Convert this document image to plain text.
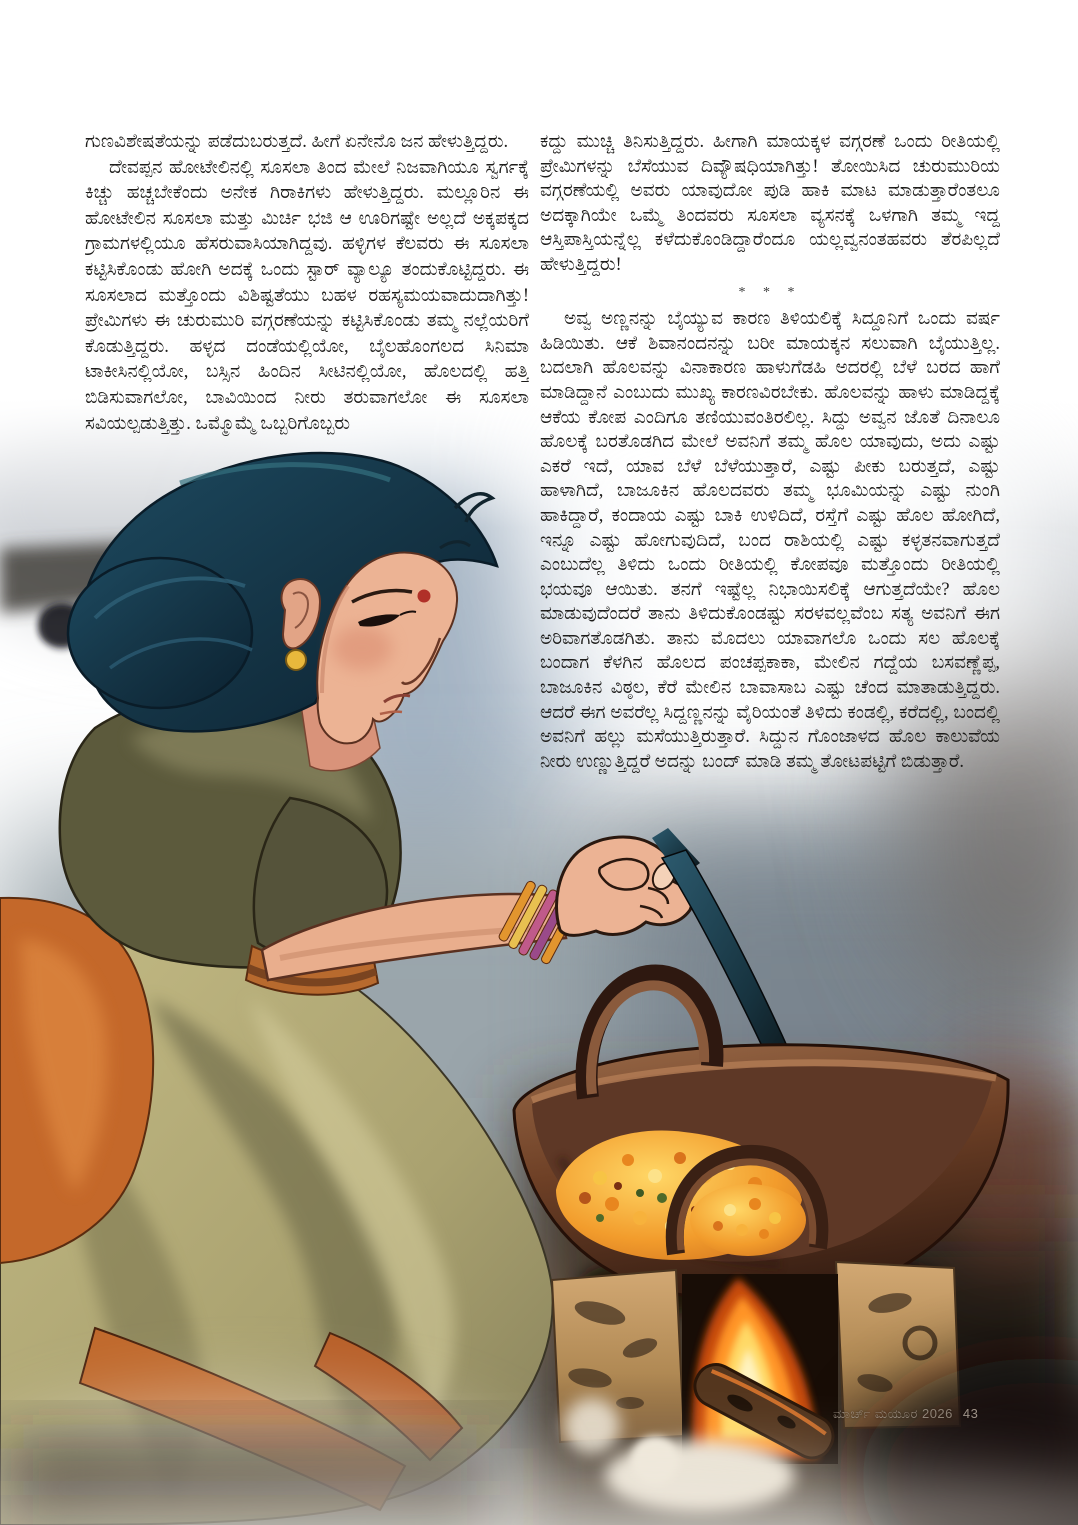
ಗುಣವಿಶೇಷತೆಯನ್ನು ಪಡೆದುಬರುತ್ತದೆ. ಹೀಗೆ ಏನೇನೊ ಜನ ಹೇಳುತ್ತಿದ್ದರು.

ದೇವಪ್ಪನ ಹೋಟೇಲಿನಲ್ಲಿ ಸೂಸಲಾ ತಿಂದ ಮೇಲೆ ನಿಜವಾಗಿಯೂ ಸ್ವರ್ಗಕ್ಕೆ ಕಿಚ್ಚು ಹಚ್ಚಬೇಕೆಂದು ಅನೇಕ ಗಿರಾಕಿಗಳು ಹೇಳುತ್ತಿದ್ದರು. ಮಲ್ಲೂರಿನ ಈ ಹೋಟೇಲಿನ ಸೂಸಲಾ ಮತ್ತು ಮಿರ್ಚಿ ಭಜಿ ಆ ಊರಿಗಷ್ಟೇ ಅಲ್ಲದೆ ಅಕ್ಕಪಕ್ಕದ ಗ್ರಾಮಗಳಲ್ಲಿಯೂ ಹೆಸರುವಾಸಿಯಾಗಿದ್ದವು. ಹಳ್ಳಿಗಳ ಕೆಲವರು ಈ ಸೂಸಲಾ ಕಟ್ಟಿಸಿಕೊಂಡು ಹೋಗಿ ಅದಕ್ಕೆ ಒಂದು ಸ್ಟಾರ್ ವ್ಯಾಲ್ಯೂ ತಂದುಕೊಟ್ಟಿದ್ದರು. ಈ ಸೂಸಲಾದ ಮತ್ತೊಂದು ವಿಶಿಷ್ಟತೆಯು ಬಹಳ ರಹಸ್ಯಮಯವಾದುದಾಗಿತ್ತು! ಪ್ರೇಮಿಗಳು ಈ ಚುರುಮುರಿ ವಗ್ಗರಣೆಯನ್ನು ಕಟ್ಟಿಸಿಕೊಂಡು ತಮ್ಮ ನಲ್ಲೆಯರಿಗೆ ಕೊಡುತ್ತಿದ್ದರು. ಹಳ್ಳದ ದಂಡೆಯಲ್ಲಿಯೋ, ಬೈಲಹೊಂಗಲದ ಸಿನಿಮಾ ಟಾಕೀಸಿನಲ್ಲಿಯೋ, ಬಸ್ಸಿನ ಹಿಂದಿನ ಸೀಟಿನಲ್ಲಿಯೋ, ಹೊಲದಲ್ಲಿ ಹತ್ತಿ ಬಿಡಿಸುವಾಗಲೋ, ಬಾವಿಯಿಂದ ನೀರು ತರುವಾಗಲೋ ಈ ಸೂಸಲಾ ಸವಿಯಲ್ಪಡುತ್ತಿತ್ತು. ಒಮ್ಮೊಮ್ಮೆ ಒಬ್ಬರಿಗೊಬ್ಬರು

ಕದ್ದು ಮುಚ್ಚಿ ತಿನಿಸುತ್ತಿದ್ದರು. ಹೀಗಾಗಿ ಮಾಯಕ್ಕಳ ವಗ್ಗರಣೆ ಒಂದು ರೀತಿಯಲ್ಲಿ ಪ್ರೇಮಿಗಳನ್ನು ಬೆಸೆಯುವ ದಿವ್ಯೌಷಧಿಯಾಗಿತ್ತು! ತೋಯಿಸಿದ ಚುರುಮುರಿಯ ವಗ್ಗರಣೆಯಲ್ಲಿ ಅವರು ಯಾವುದೋ ಪುಡಿ ಹಾಕಿ ಮಾಟ ಮಾಡುತ್ತಾರೆಂತಲೂ ಅದಕ್ಕಾಗಿಯೇ ಒಮ್ಮೆ ತಿಂದವರು ಸೂಸಲಾ ವ್ಯಸನಕ್ಕೆ ಒಳಗಾಗಿ ತಮ್ಮ ಇದ್ದ ಆಸ್ತಿಪಾಸ್ತಿಯನ್ನೆಲ್ಲ ಕಳೆದುಕೊಂಡಿದ್ದಾರೆಂದೂ ಯಲ್ಲವ್ವನಂತಹವರು ತೆರಪಿಲ್ಲದೆ ಹೇಳುತ್ತಿದ್ದರು!

* * *

ಅವ್ವ ಅಣ್ಣನನ್ನು ಬೈಯ್ಯುವ ಕಾರಣ ತಿಳಿಯಲಿಕ್ಕೆ ಸಿದ್ದೂನಿಗೆ ಒಂದು ವರ್ಷ ಹಿಡಿಯಿತು. ಆಕೆ ಶಿವಾನಂದನನ್ನು ಬರೀ ಮಾಯಕ್ಕನ ಸಲುವಾಗಿ ಬೈಯುತ್ತಿಲ್ಲ. ಬದಲಾಗಿ ಹೊಲವನ್ನು ವಿನಾಕಾರಣ ಹಾಳುಗೆಡಹಿ ಅದರಲ್ಲಿ ಬೆಳೆ ಬರದ ಹಾಗೆ ಮಾಡಿದ್ದಾನೆ ಎಂಬುದು ಮುಖ್ಯ ಕಾರಣವಿರಬೇಕು. ಹೊಲವನ್ನು ಹಾಳು ಮಾಡಿದ್ದಕ್ಕೆ ಆಕೆಯ ಕೋಪ ಎಂದಿಗೂ ತಣಿಯುವಂತಿರಲಿಲ್ಲ. ಸಿದ್ದು ಅವ್ವನ ಜೊತೆ ದಿನಾಲೂ ಹೊಲಕ್ಕೆ ಬರತೊಡಗಿದ ಮೇಲೆ ಅವನಿಗೆ ತಮ್ಮ ಹೊಲ ಯಾವುದು, ಅದು ಎಷ್ಟು ಎಕರೆ ಇದೆ, ಯಾವ ಬೆಳೆ ಬೆಳೆಯುತ್ತಾರೆ, ಎಷ್ಟು ಪೀಕು ಬರುತ್ತದೆ, ಎಷ್ಟು ಹಾಳಾಗಿದೆ, ಬಾಜೂಕಿನ ಹೊಲದವರು ತಮ್ಮ ಭೂಮಿಯನ್ನು ಎಷ್ಟು ನುಂಗಿ ಹಾಕಿದ್ದಾರೆ, ಕಂದಾಯ ಎಷ್ಟು ಬಾಕಿ ಉಳಿದಿದೆ, ರಸ್ತೆಗೆ ಎಷ್ಟು ಹೊಲ ಹೋಗಿದೆ, ಇನ್ನೂ ಎಷ್ಟು ಹೋಗುವುದಿದೆ, ಬಂದ ರಾಶಿಯಲ್ಲಿ ಎಷ್ಟು ಕಳ್ಳತನವಾಗುತ್ತದೆ ಎಂಬುದೆಲ್ಲ ತಿಳಿದು ಒಂದು ರೀತಿಯಲ್ಲಿ ಕೋಪವೂ ಮತ್ತೊಂದು ರೀತಿಯಲ್ಲಿ ಭಯವೂ ಆಯಿತು. ತನಗೆ ಇಷ್ಟೆಲ್ಲ ನಿಭಾಯಿಸಲಿಕ್ಕೆ ಆಗುತ್ತದೆಯೇ? ಹೊಲ ಮಾಡುವುದೆಂದರೆ ತಾನು ತಿಳಿದುಕೊಂಡಷ್ಟು ಸರಳವಲ್ಲವೆಂಬ ಸತ್ಯ ಅವನಿಗೆ ಈಗ ಅರಿವಾಗತೊಡಗಿತು. ತಾನು ಮೊದಲು ಯಾವಾಗಲೊ ಒಂದು ಸಲ ಹೊಲಕ್ಕೆ ಬಂದಾಗ ಕೆಳಗಿನ ಹೊಲದ ಪಂಚಪ್ಪಕಾಕಾ, ಮೇಲಿನ ಗದ್ದೆಯ ಬಸವಣ್ಣೆಪ್ಪ, ಬಾಜೂಕಿನ ವಿಠ್ಠಲ, ಕೆರೆ ಮೇಲಿನ ಬಾವಾಸಾಬ ಎಷ್ಟು ಚೆಂದ ಮಾತಾಡುತ್ತಿದ್ದರು. ಆದರೆ ಈಗ ಅವರೆಲ್ಲ ಸಿದ್ದಣ್ಣನನ್ನು ವೈರಿಯಂತೆ ತಿಳಿದು ಕಂಡಲ್ಲಿ, ಕರೆದಲ್ಲಿ, ಬಂದಲ್ಲಿ ಅವನಿಗೆ ಹಲ್ಲು ಮಸೆಯುತ್ತಿರುತ್ತಾರೆ. ಸಿದ್ದುನ ಗೊಂಜಾಳದ ಹೊಲ ಕಾಲುವೆಯ ನೀರು ಉಣ್ಣುತ್ತಿದ್ದರೆ ಅದನ್ನು ಬಂದ್ ಮಾಡಿ ತಮ್ಮ ತೋಟಪಟ್ಟಿಗೆ ಬಿಡುತ್ತಾರೆ.

ಮಾರ್ಚ್ ಮಯೂರ 2026 43
